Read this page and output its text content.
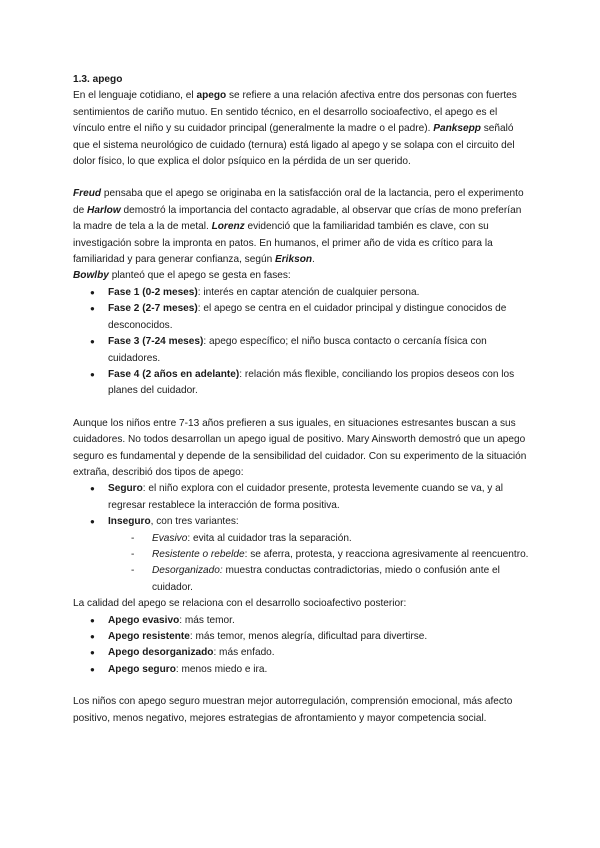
1.3. apego

En el lenguaje cotidiano, el apego se refiere a una relación afectiva entre dos personas con fuertes sentimientos de cariño mutuo. En sentido técnico, en el desarrollo socioafectivo, el apego es el vínculo entre el niño y su cuidador principal (generalmente la madre o el padre). Panksepp señaló que el sistema neurológico de cuidado (ternura) está ligado al apego y se solapa con el circuito del dolor físico, lo que explica el dolor psíquico en la pérdida de un ser querido.

Freud pensaba que el apego se originaba en la satisfacción oral de la lactancia, pero el experimento de Harlow demostró la importancia del contacto agradable, al observar que crías de mono preferían la madre de tela a la de metal. Lorenz evidenció que la familiaridad también es clave, con su investigación sobre la impronta en patos. En humanos, el primer año de vida es crítico para la familiaridad y para generar confianza, según Erikson.

Bowlby planteó que el apego se gesta en fases:

● Fase 1 (0-2 meses): interés en captar atención de cualquier persona.
● Fase 2 (2-7 meses): el apego se centra en el cuidador principal y distingue conocidos de desconocidos.
● Fase 3 (7-24 meses): apego específico; el niño busca contacto o cercanía física con cuidadores.
● Fase 4 (2 años en adelante): relación más flexible, conciliando los propios deseos con los planes del cuidador.

Aunque los niños entre 7-13 años prefieren a sus iguales, en situaciones estresantes buscan a sus cuidadores. No todos desarrollan un apego igual de positivo. Mary Ainsworth demostró que un apego seguro es fundamental y depende de la sensibilidad del cuidador. Con su experimento de la situación extraña, describió dos tipos de apego:

● Seguro: el niño explora con el cuidador presente, protesta levemente cuando se va, y al regresar restablece la interacción de forma positiva.
● Inseguro, con tres variantes:
- Evasivo: evita al cuidador tras la separación.
- Resistente o rebelde: se aferra, protesta, y reacciona agresivamente al reencuentro.
- Desorganizado: muestra conductas contradictorias, miedo o confusión ante el cuidador.

La calidad del apego se relaciona con el desarrollo socioafectivo posterior:

● Apego evasivo: más temor.
● Apego resistente: más temor, menos alegría, dificultad para divertirse.
● Apego desorganizado: más enfado.
● Apego seguro: menos miedo e ira.

Los niños con apego seguro muestran mejor autorregulación, comprensión emocional, más afecto positivo, menos negativo, mejores estrategias de afrontamiento y mayor competencia social.
